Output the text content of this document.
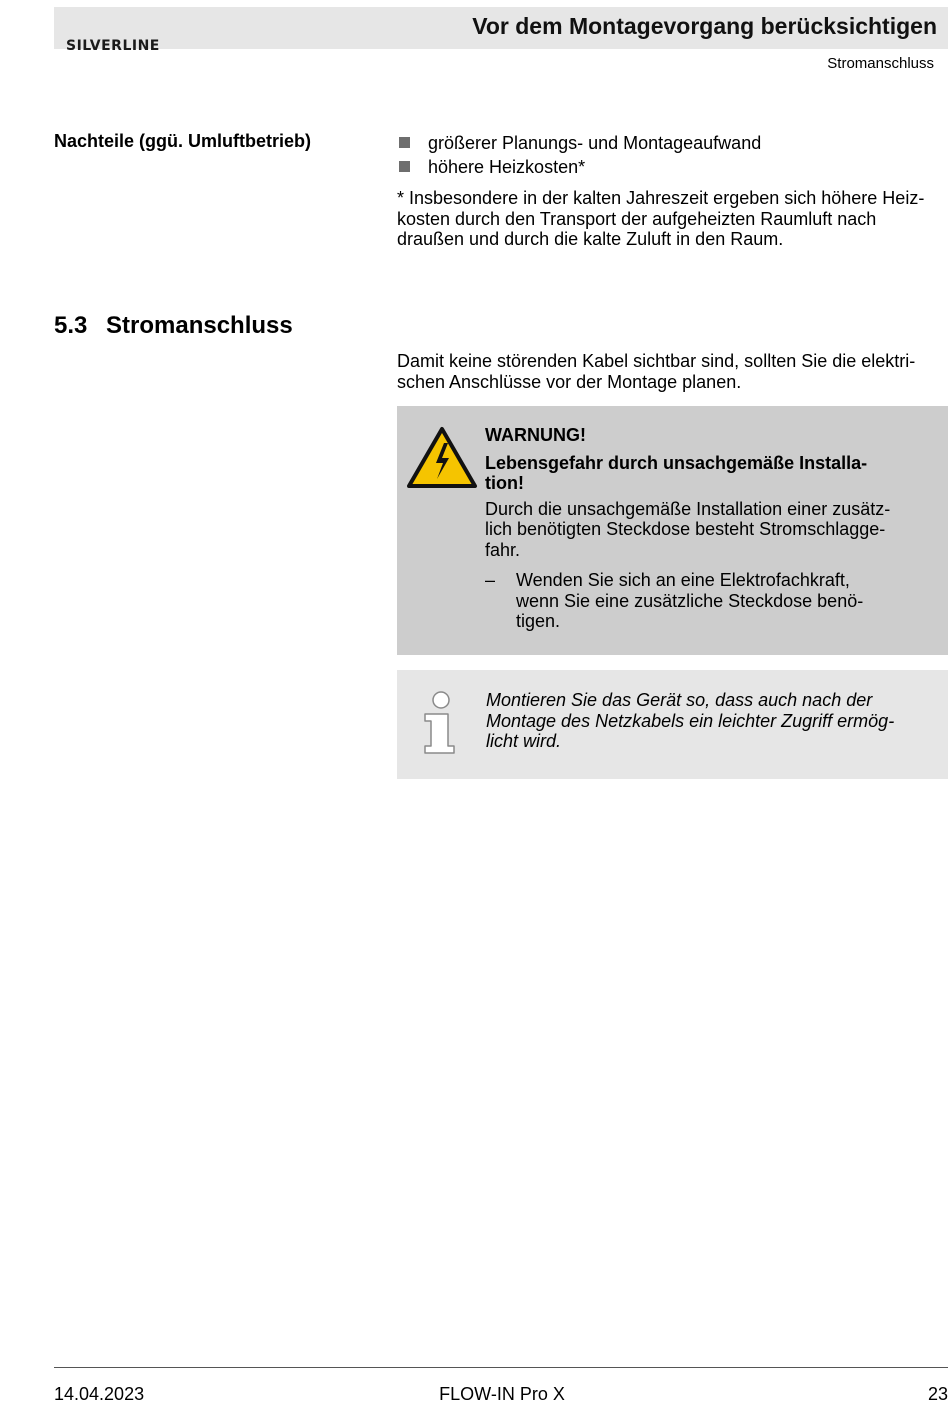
SILVERLINE
Vor dem Montagevorgang berücksichtigen
Stromanschluss
Nachteile (ggü. Umluftbetrieb)	größerer Planungs- und Montageaufwand
höhere Heizkosten*
* Insbesondere in der kalten Jahreszeit ergeben sich höhere Heiz-
kosten durch den Transport der aufgeheizten Raumluft nach
draußen und durch die kalte Zuluft in den Raum.
5.3 Stromanschluss
Damit keine störenden Kabel sichtbar sind, sollten Sie die elektri-
schen Anschlüsse vor der Montage planen.
WARNUNG!
Lebensgefahr durch unsachgemäße Installa-
tion!
Durch die unsachgemäße Installation einer zusätz-
lich benötigten Steckdose besteht Stromschlagge-
fahr.
– Wenden Sie sich an eine Elektrofachkraft,
wenn Sie eine zusätzliche Steckdose benö-
tigen.
Montieren Sie das Gerät so, dass auch nach der
Montage des Netzkabels ein leichter Zugriff ermög-
licht wird.
14.04.2023	FLOW-IN Pro X	23
